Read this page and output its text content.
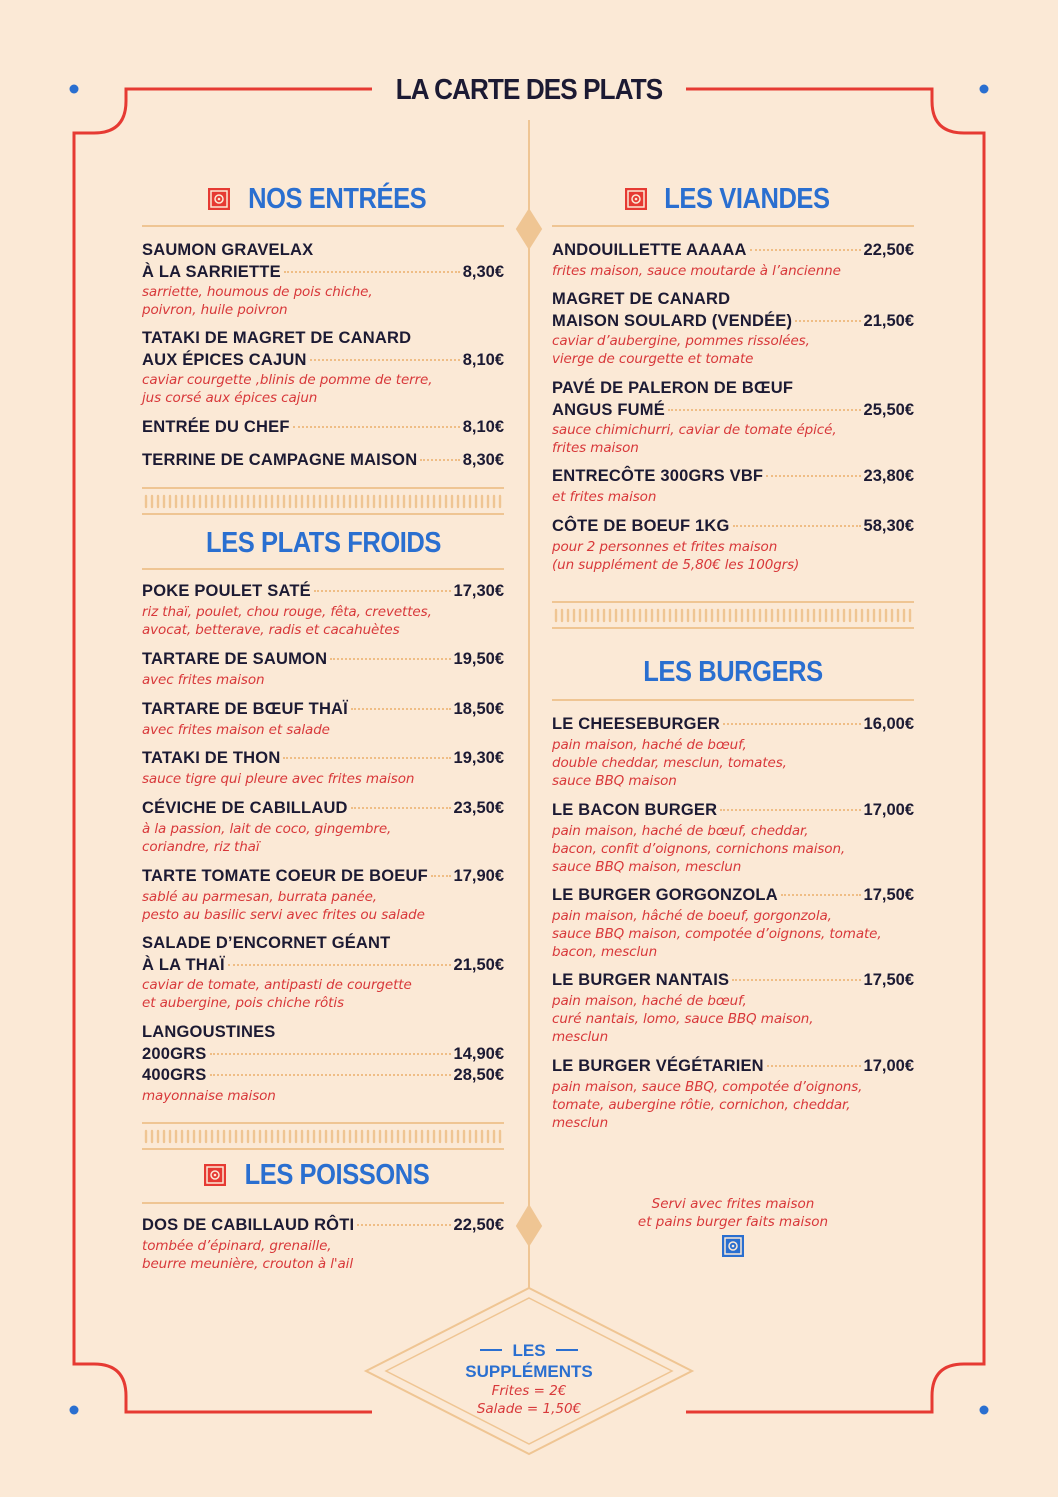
LA CARTE DES PLATS
NOS ENTRÉES
SAUMON GRAVELAX
À LA SARRIETTE	8,30€
sarriette, houmous de pois chiche,
poivron, huile poivron
TATAKI DE MAGRET DE CANARD
AUX ÉPICES CAJUN	8,10€
caviar courgette ,blinis de pomme de terre,
jus corsé aux épices cajun
ENTRÉE DU CHEF	8,10€
TERRINE DE CAMPAGNE MAISON	8,30€
LES PLATS FROIDS
POKE POULET SATÉ	17,30€
riz thaï, poulet, chou rouge, fêta, crevettes,
avocat, betterave, radis et cacahuètes
TARTARE DE SAUMON	19,50€
avec frites maison
TARTARE DE BŒUF THAÏ	18,50€
avec frites maison et salade
TATAKI DE THON	19,30€
sauce tigre qui pleure avec frites maison
CÉVICHE DE CABILLAUD	23,50€
à la passion, lait de coco, gingembre,
coriandre, riz thaï
TARTE TOMATE COEUR DE BOEUF 17,90€
sablé au parmesan, burrata panée,
pesto au basilic servi avec frites ou salade
SALADE D’ENCORNET GÉANT
À LA THAÏ	21,50€
caviar de tomate, antipasti de courgette
et aubergine, pois chiche rôtis
LANGOUSTINES
200GRS	14,90€
400GRS	28,50€
mayonnaise maison
LES POISSONS
DOS DE CABILLAUD RÔTI	22,50€
tombée d’épinard, grenaille,
beurre meunière, crouton à l'ail
LES VIANDES
ANDOUILLETTE AAAAA	22,50€
frites maison, sauce moutarde à l’ancienne
MAGRET DE CANARD
MAISON SOULARD (VENDÉE)	21,50€
caviar d’aubergine, pommes rissolées,
vierge de courgette et tomate
PAVÉ DE PALERON DE BŒUF
ANGUS FUMÉ	25,50€
sauce chimichurri, caviar de tomate épicé,
frites maison
ENTRECÔTE 300GRS VBF	23,80€
et frites maison
CÔTE DE BOEUF 1KG	58,30€
pour 2 personnes et frites maison
(un supplément de 5,80€ les 100grs)
LES BURGERS
LE CHEESEBURGER	16,00€
pain maison, haché de bœuf,
double cheddar, mesclun, tomates,
sauce BBQ maison
LE BACON BURGER	17,00€
pain maison, haché de bœuf, cheddar,
bacon, confit d’oignons, cornichons maison,
sauce BBQ maison, mesclun
LE BURGER GORGONZOLA	17,50€
pain maison, hâché de boeuf, gorgonzola,
sauce BBQ maison, compotée d’oignons, tomate,
bacon, mesclun
LE BURGER NANTAIS	17,50€
pain maison, haché de bœuf,
curé nantais, lomo, sauce BBQ maison,
mesclun
LE BURGER VÉGÉTARIEN	17,00€
pain maison, sauce BBQ, compotée d’oignons,
tomate, aubergine rôtie, cornichon, cheddar,
mesclun
Servi avec frites maison
et pains burger faits maison
LES
SUPPLÉMENTS
Frites = 2€
Salade = 1,50€
